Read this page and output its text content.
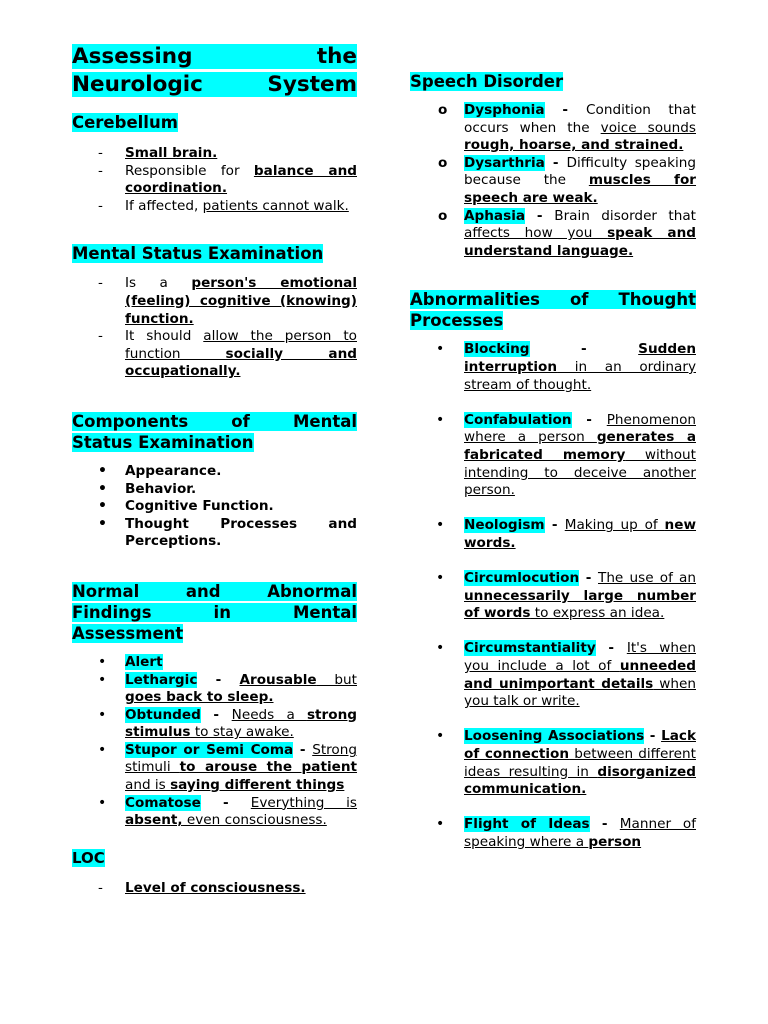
Assessing the
Neurologic System
Cerebellum
- Small brain.
- Responsible for balance and coordination.
- If affected, patients cannot walk.
Mental Status Examination
- Is a person's emotional (feeling) cognitive (knowing) function.
- It should allow the person to function socially and occupationally.
Components of Mental
Status Examination
• Appearance.
• Behavior.
• Cognitive Function.
• Thought Processes and Perceptions.
Normal and Abnormal
Findings in Mental
Assessment
• Alert
• Lethargic - Arousable but goes back to sleep.
• Obtunded - Needs a strong stimulus to stay awake.
• Stupor or Semi Coma - Strong stimuli to arouse the patient and is saying different things
• Comatose - Everything is absent, even consciousness.
LOC
- Level of consciousness.
Speech Disorder
o Dysphonia - Condition that occurs when the voice sounds rough, hoarse, and strained.
o Dysarthria - Difficulty speaking because the muscles for speech are weak.
o Aphasia - Brain disorder that affects how you speak and understand language.
Abnormalities of Thought
Processes
• Blocking - Sudden interruption in an ordinary stream of thought.
• Confabulation - Phenomenon where a person generates a fabricated memory without intending to deceive another person.
• Neologism - Making up of new words.
• Circumlocution - The use of an unnecessarily large number of words to express an idea.
• Circumstantiality - It's when you include a lot of unneeded and unimportant details when you talk or write.
• Loosening Associations - Lack of connection between different ideas resulting in disorganized communication.
• Flight of Ideas - Manner of speaking where a person
